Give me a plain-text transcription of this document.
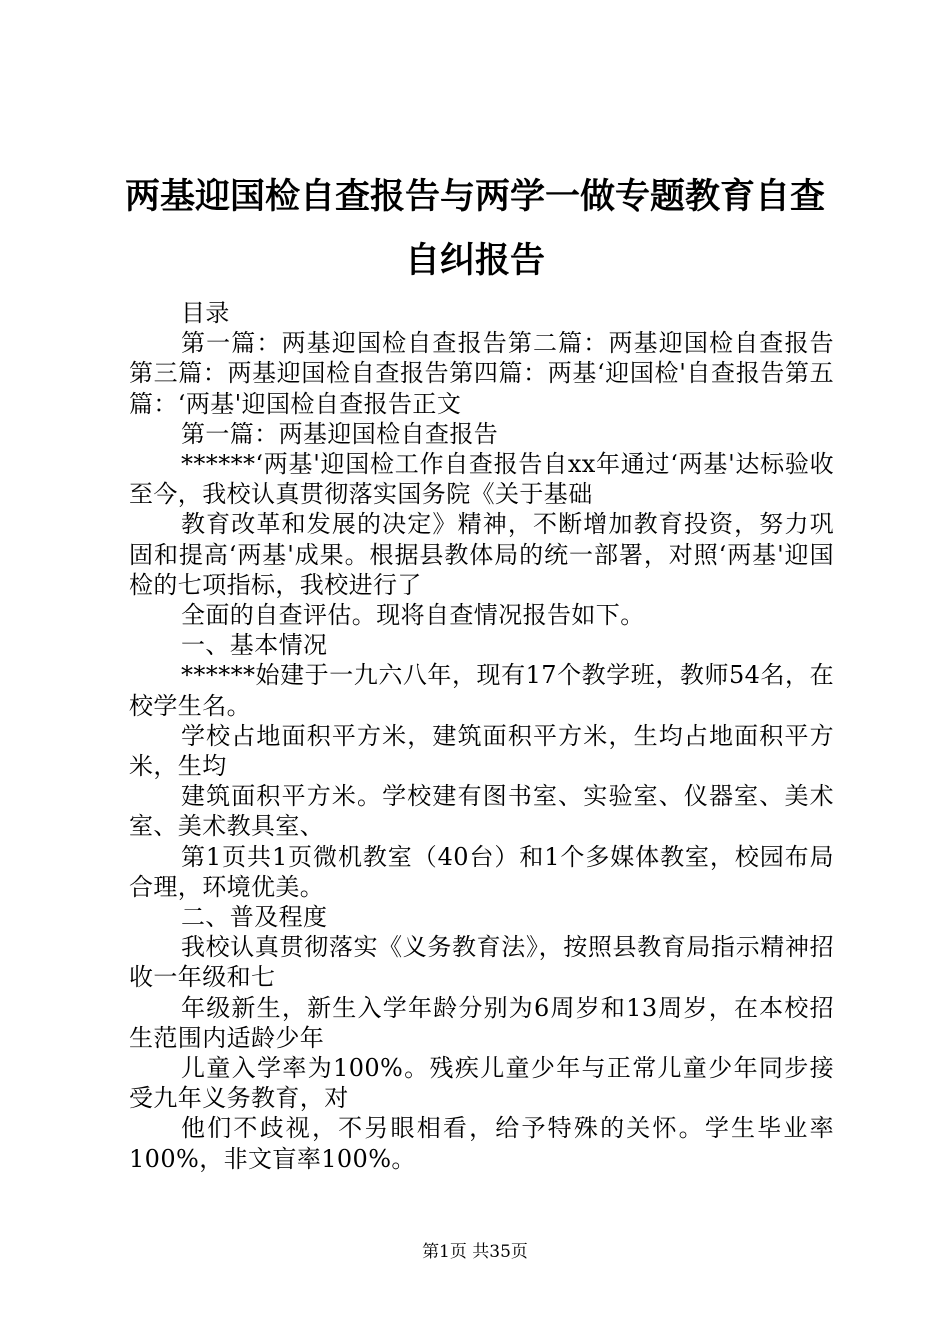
两基迎国检自查报告与两学一做专题教育自查
自纠报告

目录

第一篇：两基迎国检自查报告第二篇：两基迎国检自查报告第三篇：两基迎国检自查报告第四篇：两基‘迎国检'自查报告第五篇：‘两基'迎国检自查报告正文

第一篇：两基迎国检自查报告

******‘两基'迎国检工作自查报告自xx年通过‘两基'达标验收至今，我校认真贯彻落实国务院《关于基础

教育改革和发展的决定》精神，不断增加教育投资，努力巩固和提高‘两基'成果。根据县教体局的统一部署，对照‘两基'迎国检的七项指标，我校进行了

全面的自查评估。现将自查情况报告如下。

一、基本情况

******始建于一九六八年，现有17个教学班，教师54名，在校学生名。

学校占地面积平方米，建筑面积平方米，生均占地面积平方米，生均

建筑面积平方米。学校建有图书室、实验室、仪器室、美术室、美术教具室、

第1页共1页微机教室（40台）和1个多媒体教室，校园布局合理，环境优美。

二、普及程度

我校认真贯彻落实《义务教育法》，按照县教育局指示精神招收一年级和七

年级新生，新生入学年龄分别为6周岁和13周岁，在本校招生范围内适龄少年

儿童入学率为100%。残疾儿童少年与正常儿童少年同步接受九年义务教育，对

他们不歧视，不另眼相看，给予特殊的关怀。学生毕业率100%，非文盲率100%。

第1页 共35页
